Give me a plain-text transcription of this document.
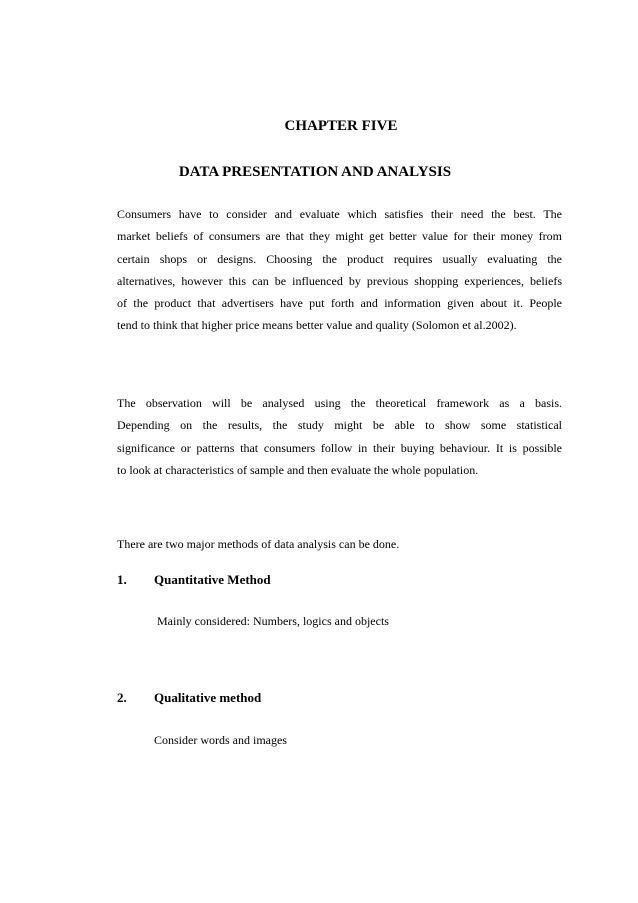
CHAPTER FIVE
DATA PRESENTATION AND ANALYSIS

Consumers have to consider and evaluate which satisfies their need the best. The
market beliefs of consumers are that they might get better value for their money from
certain shops or designs. Choosing the product requires usually evaluating the
alternatives, however this can be influenced by previous shopping experiences, beliefs
of the product that advertisers have put forth and information given about it. People
tend to think that higher price means better value and quality (Solomon et al.2002).

The observation will be analysed using the theoretical framework as a basis.
Depending on the results, the study might be able to show some statistical
significance or patterns that consumers follow in their buying behaviour. It is possible
to look at characteristics of sample and then evaluate the whole population.

There are two major methods of data analysis can be done.

1. Quantitative Method
Mainly considered: Numbers, logics and objects
2. Qualitative method
Consider words and images
